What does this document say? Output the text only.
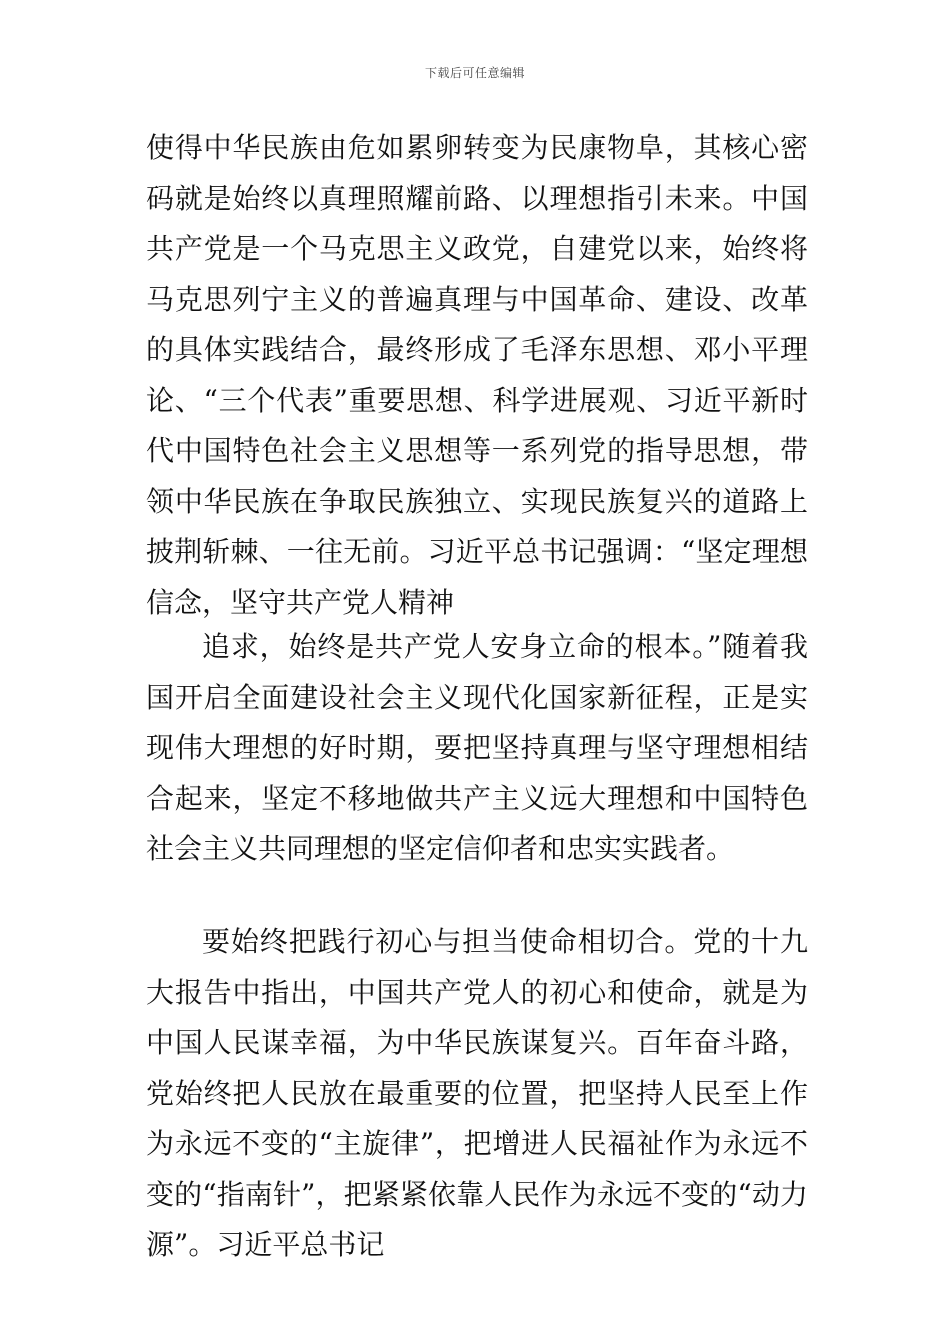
下载后可任意编辑

使得中华民族由危如累卵转变为民康物阜，其核心密码就是始终以真理照耀前路、以理想指引未来。中国共产党是一个马克思主义政党，自建党以来，始终将马克思列宁主义的普遍真理与中国革命、建设、改革的具体实践结合，最终形成了毛泽东思想、邓小平理论、“三个代表”重要思想、科学进展观、习近平新时代中国特色社会主义思想等一系列党的指导思想，带领中华民族在争取民族独立、实现民族复兴的道路上披荆斩棘、一往无前。习近平总书记强调：“坚定理想信念，坚守共产党人精神

追求，始终是共产党人安身立命的根本。”随着我国开启全面建设社会主义现代化国家新征程，正是实现伟大理想的好时期，要把坚持真理与坚守理想相结合起来，坚定不移地做共产主义远大理想和中国特色社会主义共同理想的坚定信仰者和忠实实践者。

要始终把践行初心与担当使命相切合。党的十九大报告中指出，中国共产党人的初心和使命，就是为中国人民谋幸福，为中华民族谋复兴。百年奋斗路，党始终把人民放在最重要的位置，把坚持人民至上作为永远不变的“主旋律”，把增进人民福祉作为永远不变的“指南针”，把紧紧依靠人民作为永远不变的“动力源”。习近平总书记
